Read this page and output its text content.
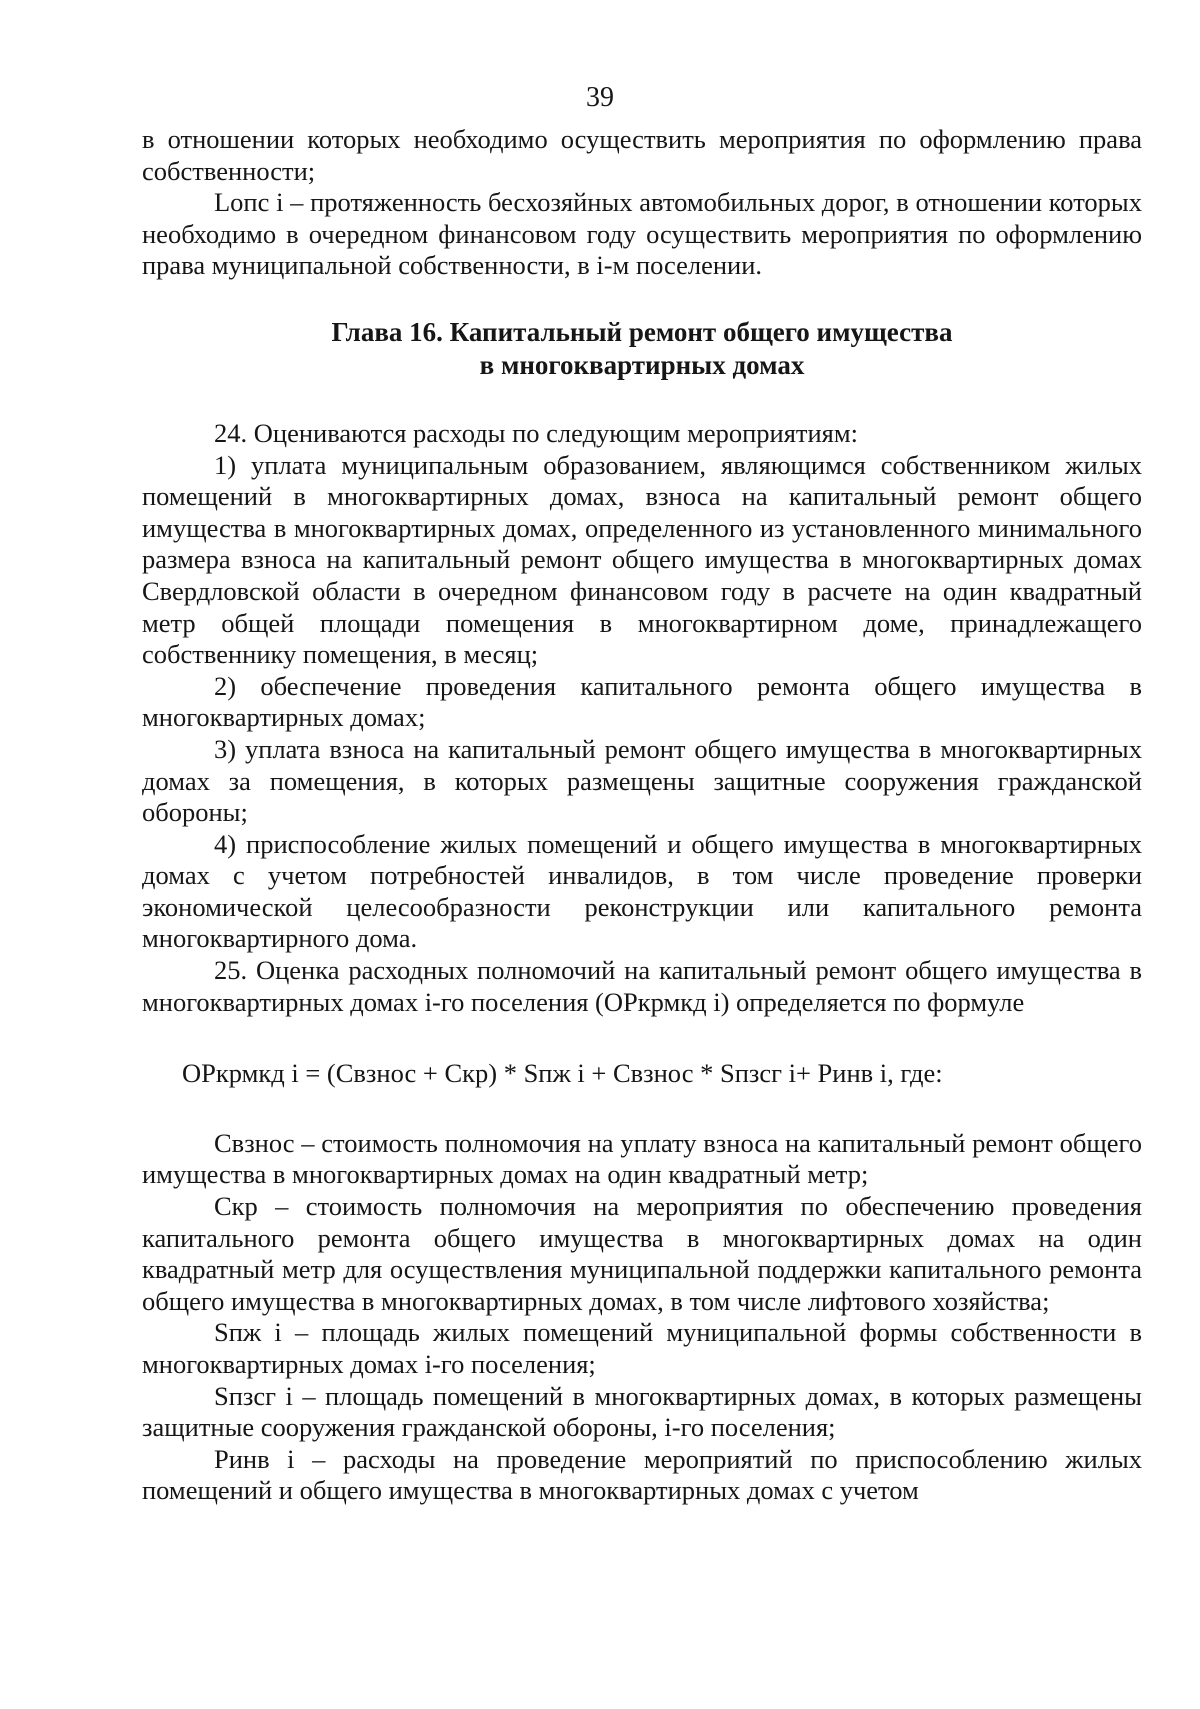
39

в отношении которых необходимо осуществить мероприятия по оформлению права собственности;

Lопс i – протяженность бесхозяйных автомобильных дорог, в отношении которых необходимо в очередном финансовом году осуществить мероприятия по оформлению права муниципальной собственности, в i-м поселении.

Глава 16. Капитальный ремонт общего имущества
в многоквартирных домах

24. Оцениваются расходы по следующим мероприятиям:

1) уплата муниципальным образованием, являющимся собственником жилых помещений в многоквартирных домах, взноса на капитальный ремонт общего имущества в многоквартирных домах, определенного из установленного минимального размера взноса на капитальный ремонт общего имущества в многоквартирных домах Свердловской области в очередном финансовом году в расчете на один квадратный метр общей площади помещения в многоквартирном доме, принадлежащего собственнику помещения, в месяц;

2) обеспечение проведения капитального ремонта общего имущества в многоквартирных домах;

3) уплата взноса на капитальный ремонт общего имущества в многоквартирных домах за помещения, в которых размещены защитные сооружения гражданской обороны;

4) приспособление жилых помещений и общего имущества в многоквартирных домах с учетом потребностей инвалидов, в том числе проведение проверки экономической целесообразности реконструкции или капитального ремонта многоквартирного дома.

25. Оценка расходных полномочий на капитальный ремонт общего имущества в многоквартирных домах i-го поселения (ОРкрмкд i) определяется по формуле

ОРкрмкд i = (Свзнос + Скр) * Sпж i + Свзнос * Sпзсг i+ Ринв i, где:

Свзнос – стоимость полномочия на уплату взноса на капитальный ремонт общего имущества в многоквартирных домах на один квадратный метр;

Скр – стоимость полномочия на мероприятия по обеспечению проведения капитального ремонта общего имущества в многоквартирных домах на один квадратный метр для осуществления муниципальной поддержки капитального ремонта общего имущества в многоквартирных домах, в том числе лифтового хозяйства;

Sпж i – площадь жилых помещений муниципальной формы собственности в многоквартирных домах i-го поселения;

Sпзсг i – площадь помещений в многоквартирных домах, в которых размещены защитные сооружения гражданской обороны, i-го поселения;

Ринв i – расходы на проведение мероприятий по приспособлению жилых помещений и общего имущества в многоквартирных домах с учетом
